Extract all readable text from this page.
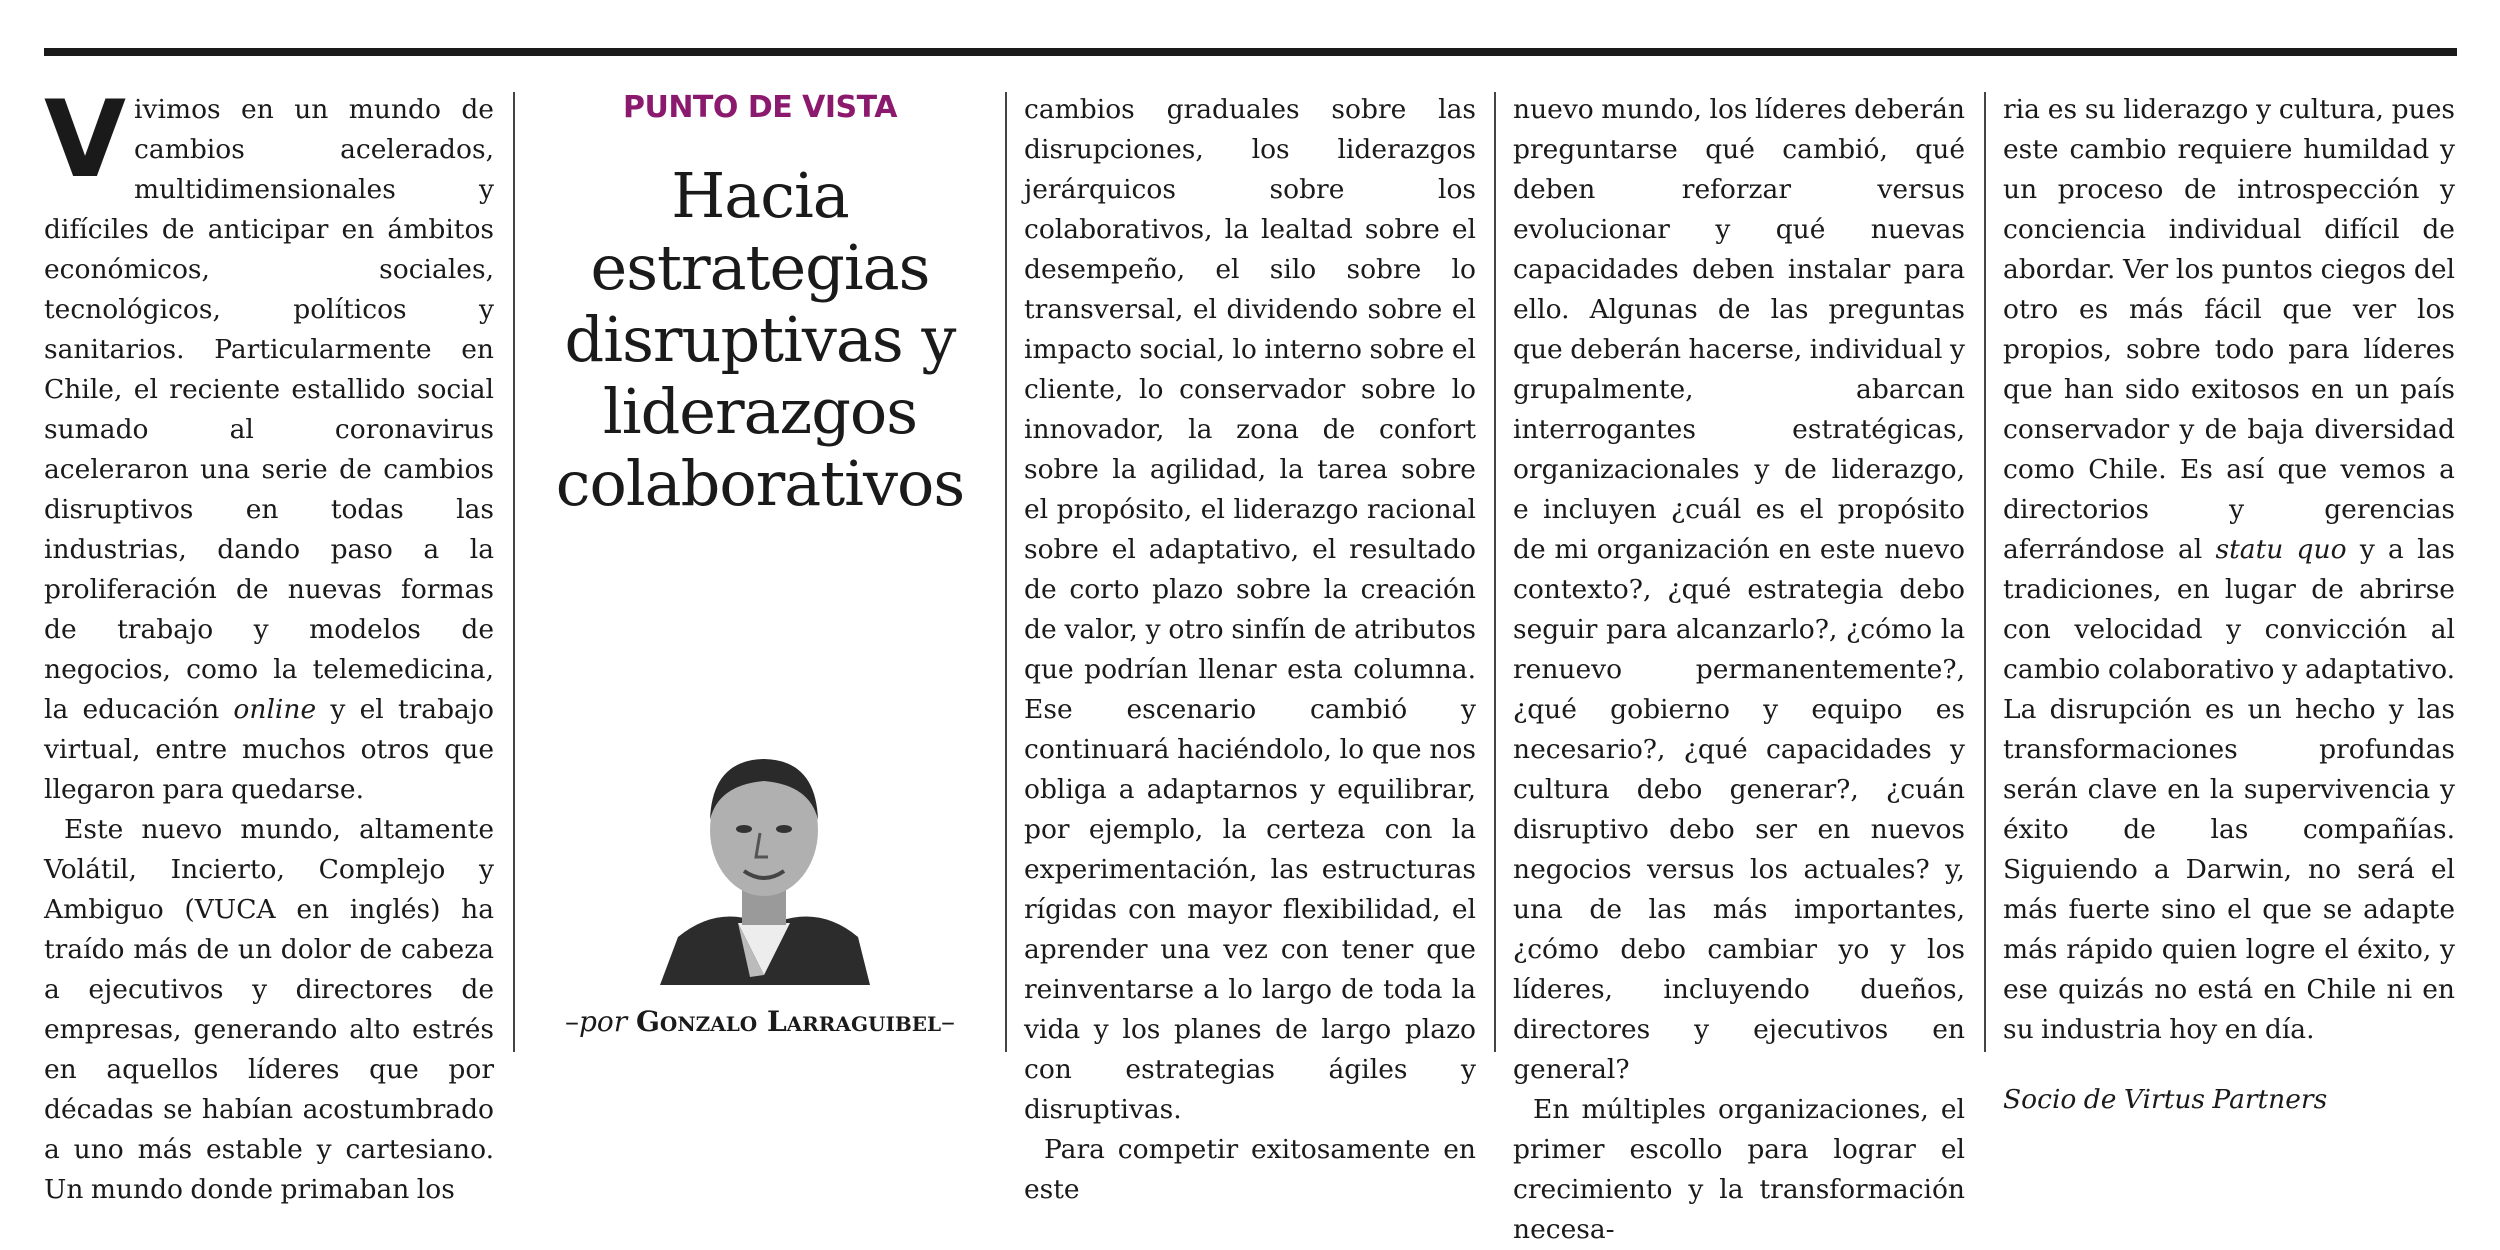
Vivimos en un mundo de cambios acelerados, multidimensionales y difíciles de anticipar en ámbitos económicos, sociales, tecnológicos, políticos y sanitarios. Particularmente en Chile, el reciente estallido social sumado al coronavirus aceleraron una serie de cambios disruptivos en todas las industrias, dando paso a la proliferación de nuevas formas de trabajo y modelos de negocios, como la telemedicina, la educación online y el trabajo virtual, entre muchos otros que llegaron para quedarse.

Este nuevo mundo, altamente Volátil, Incierto, Complejo y Ambiguo (VUCA en inglés) ha traído más de un dolor de cabeza a ejecutivos y directores de empresas, generando alto estrés en aquellos líderes que por décadas se habían acostumbrado a uno más estable y cartesiano. Un mundo donde primaban los

PUNTO DE VISTA
Hacia estrategias disruptivas y liderazgos colaborativos
–por Gonzalo Larraguibel–

cambios graduales sobre las disrupciones, los liderazgos jerárquicos sobre los colaborativos, la lealtad sobre el desempeño, el silo sobre lo transversal, el dividendo sobre el impacto social, lo interno sobre el cliente, lo conservador sobre lo innovador, la zona de confort sobre la agilidad, la tarea sobre el propósito, el liderazgo racional sobre el adaptativo, el resultado de corto plazo sobre la creación de valor, y otro sinfín de atributos que podrían llenar esta columna. Ese escenario cambió y continuará haciéndolo, lo que nos obliga a adaptarnos y equilibrar, por ejemplo, la certeza con la experimentación, las estructuras rígidas con mayor flexibilidad, el aprender una vez con tener que reinventarse a lo largo de toda la vida y los planes de largo plazo con estrategias ágiles y disruptivas.

Para competir exitosamente en este

nuevo mundo, los líderes deberán preguntarse qué cambió, qué deben reforzar versus evolucionar y qué nuevas capacidades deben instalar para ello. Algunas de las preguntas que deberán hacerse, individual y grupalmente, abarcan interrogantes estratégicas, organizacionales y de liderazgo, e incluyen ¿cuál es el propósito de mi organización en este nuevo contexto?, ¿qué estrategia debo seguir para alcanzarlo?, ¿cómo la renuevo permanentemente?, ¿qué gobierno y equipo es necesario?, ¿qué capacidades y cultura debo generar?, ¿cuán disruptivo debo ser en nuevos negocios versus los actuales? y, una de las más importantes, ¿cómo debo cambiar yo y los líderes, incluyendo dueños, directores y ejecutivos en general?

En múltiples organizaciones, el primer escollo para lograr el crecimiento y la transformación necesa-

ria es su liderazgo y cultura, pues este cambio requiere humildad y un proceso de introspección y conciencia individual difícil de abordar. Ver los puntos ciegos del otro es más fácil que ver los propios, sobre todo para líderes que han sido exitosos en un país conservador y de baja diversidad como Chile. Es así que vemos a directorios y gerencias aferrándose al statu quo y a las tradiciones, en lugar de abrirse con velocidad y convicción al cambio colaborativo y adaptativo. La disrupción es un hecho y las transformaciones profundas serán clave en la supervivencia y éxito de las compañías. Siguiendo a Darwin, no será el más fuerte sino el que se adapte más rápido quien logre el éxito, y ese quizás no está en Chile ni en su industria hoy en día.

Socio de Virtus Partners
